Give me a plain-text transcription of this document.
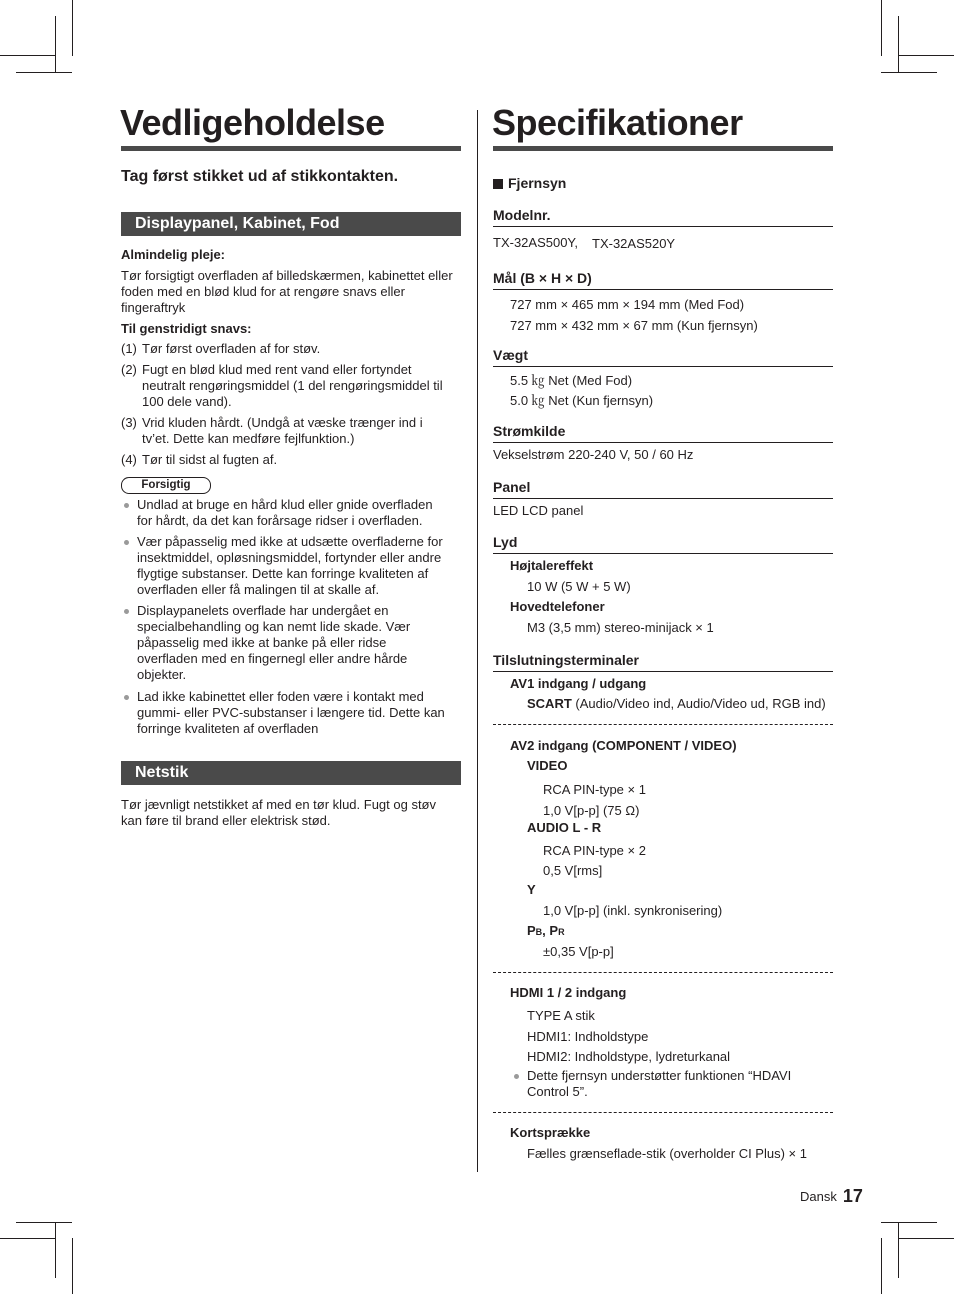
Vedligeholdelse
Tag først stikket ud af stikkontakten.
Displaypanel, Kabinet, Fod
Almindelig pleje:
Tør forsigtigt overfladen af billedskærmen, kabinettet eller
foden med en blød klud for at rengøre snavs eller
fingeraftryk
Til genstridigt snavs:
(1) Tør først overfladen af for støv.
(2) Fugt en blød klud med rent vand eller fortyndet
neutralt rengøringsmiddel (1 del rengøringsmiddel til
100 dele vand).
(3) Vrid kluden hårdt. (Undgå at væske trænger ind i
tv’et. Dette kan medføre fejlfunktion.)
(4) Tør til sidst al fugten af.
Forsigtig
Undlad at bruge en hård klud eller gnide overfladen
for hårdt, da det kan forårsage ridser i overfladen.
Vær påpasselig med ikke at udsætte overfladerne for
insektmiddel, opløsningsmiddel, fortynder eller andre
flygtige substanser. Dette kan forringe kvaliteten af
overfladen eller få malingen til at skalle af.
Displaypanelets overflade har undergået en
specialbehandling og kan nemt lide skade. Vær
påpasselig med ikke at banke på eller ridse
overfladen med en fingernegl eller andre hårde
objekter.
Lad ikke kabinettet eller foden være i kontakt med
gummi- eller PVC-substanser i længere tid. Dette kan
forringe kvaliteten af overfladen
Netstik
Tør jævnligt netstikket af med en tør klud. Fugt og støv
kan føre til brand eller elektrisk stød.
Specifikationer
Fjernsyn
Modelnr.
TX-32AS500Y, TX-32AS520Y
Mål (B × H × D)
727 mm × 465 mm × 194 mm (Med Fod)
727 mm × 432 mm × 67 mm (Kun fjernsyn)
Vægt
5.5 ㎏ Net (Med Fod)
5.0 ㎏ Net (Kun fjernsyn)
Strømkilde
Vekselstrøm 220-240 V, 50 / 60 Hz
Panel
LED LCD panel
Lyd
Højtalereffekt
10 W (5 W + 5 W)
Hovedtelefoner
M3 (3,5 mm) stereo-minijack × 1
Tilslutningsterminaler
AV1 indgang / udgang
SCART (Audio/Video ind, Audio/Video ud, RGB ind)
AV2 indgang (COMPONENT / VIDEO)
VIDEO
RCA PIN-type × 1
1,0 V[p-p] (75 Ω)
AUDIO L - R
RCA PIN-type × 2
0,5 V[rms]
Y
1,0 V[p-p] (inkl. synkronisering)
PB, PR
±0,35 V[p-p]
HDMI 1 / 2 indgang
TYPE A stik
HDMI1: Indholdstype
HDMI2: Indholdstype, lydreturkanal
Dette fjernsyn understøtter funktionen “HDAVI
Control 5”.
Kortsprække
Fælles grænseflade-stik (overholder CI Plus) × 1
Dansk 17
